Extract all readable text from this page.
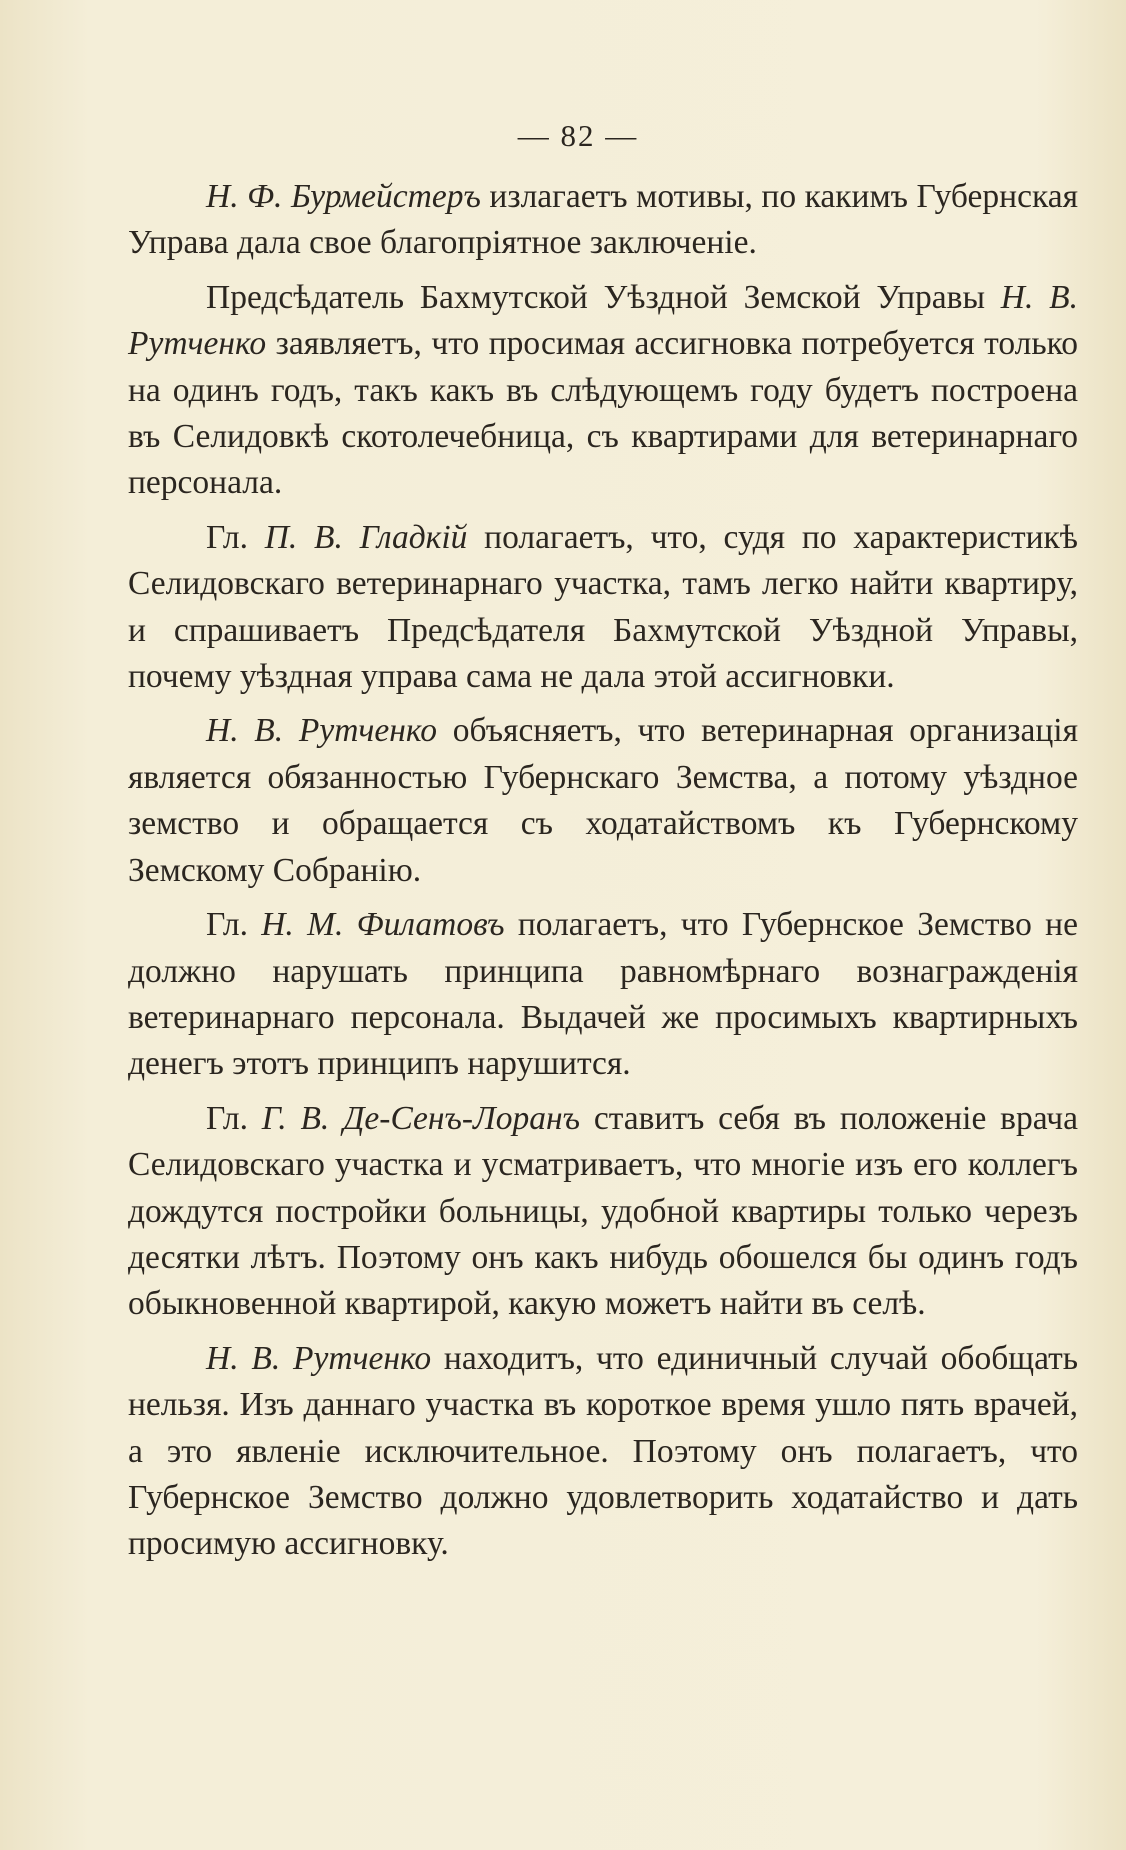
— 82 —

Н. Ф. Бурмейстеръ излагаетъ мотивы, по какимъ Губернская Управа дала свое благопріятное заключеніе.

Предсѣдатель Бахмутской Уѣздной Земской Управы Н. В. Рутченко заявляетъ, что просимая ассигновка потребуется только на одинъ годъ, такъ какъ въ слѣдующемъ году будетъ построена въ Селидовкѣ скотолечебница, съ квартирами для ветеринарнаго персонала.

Гл. П. В. Гладкій полагаетъ, что, судя по характеристикѣ Селидовскаго ветеринарнаго участка, тамъ легко найти квартиру, и спрашиваетъ Предсѣдателя Бахмутской Уѣздной Управы, почему уѣздная управа сама не дала этой ассигновки.

Н. В. Рутченко объясняетъ, что ветеринарная организація является обязанностью Губернскаго Земства, а потому уѣздное земство и обращается съ ходатайствомъ къ Губернскому Земскому Собранію.

Гл. Н. М. Филатовъ полагаетъ, что Губернское Земство не должно нарушать принципа равномѣрнаго вознагражденія ветеринарнаго персонала. Выдачей же просимыхъ квартирныхъ денегъ этотъ принципъ нарушится.

Гл. Г. В. Де-Сенъ-Лоранъ ставитъ себя въ положеніе врача Селидовскаго участка и усматриваетъ, что многіе изъ его коллегъ дождутся постройки больницы, удобной квартиры только черезъ десятки лѣтъ. Поэтому онъ какъ нибудь обошелся бы одинъ годъ обыкновенной квартирой, какую можетъ найти въ селѣ.

Н. В. Рутченко находитъ, что единичный случай обобщать нельзя. Изъ даннаго участка въ короткое время ушло пять врачей, а это явленіе исключительное. Поэтому онъ полагаетъ, что Губернское Земство должно удовлетворить ходатайство и дать просимую ассигновку.
